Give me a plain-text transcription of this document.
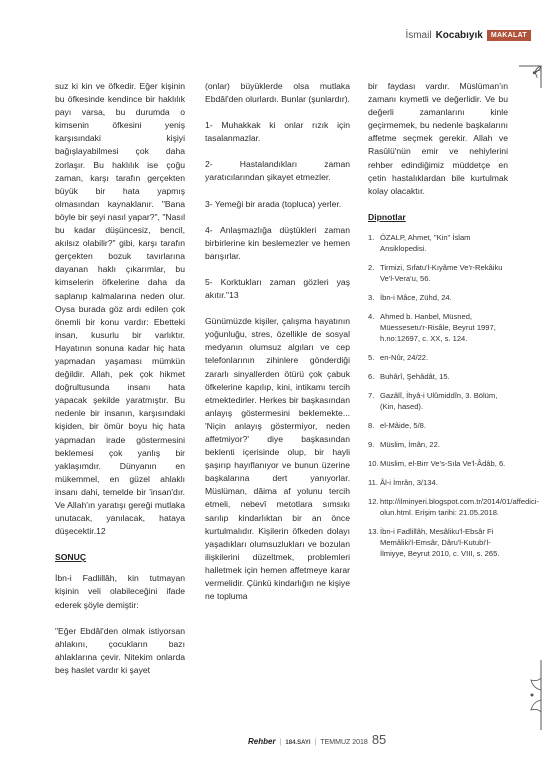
İsmail Kocabıyık	MAKALAT

suz ki kin ve öfkedir. Eğer kişinin bu öfkesinde kendince bir haklılık payı varsa, bu durumda o kimsenin öfkesini yeniş karşısındaki kişiyi bağışlayabilmesi çok daha zorlaşır. Bu haklılık ise çoğu zaman, karşı tarafın gerçekten büyük bir hata yapmış olmasından kaynaklanır. "Bana böyle bir şeyi nasıl yapar?", "Nasıl bu kadar düşüncesiz, bencil, akılsız olabilir?" gibi, karşı tarafın gerçekten bozuk tavırlarına dayanan haklı çıkarımlar, bu kimselerin öfkelerine daha da saplanıp kalmalarına neden olur. Oysa burada göz ardı edilen çok önemli bir konu vardır: Ebetteki insan, kusurlu bir varlıktır. Hayatının sonuna kadar hiç hata yapmadan yaşaması mümkün değildir. Allah, pek çok hikmet doğrultusunda insanı hata yapacak şekilde yaratmıştır. Bu nedenle bir insanın, karşısındaki kişiden, bir ömür boyu hiç hata yapmadan irade göstermesini beklemesi çok yanlış bir yaklaşımdır. Dünyanın en mükemmel, en güzel ahlaklı insanı dahi, temelde bir 'insan'dır. Ve Allah'ın yaratışı gereği mutlaka unutacak, yanılacak, hataya düşecektir.12

SONUÇ

İbn-i Fadlillâh, kin tutmayan kişinin veli olabileceğini ifade ederek şöyle demiştir:

"Eğer Ebdâl'den olmak istiyorsan ahlakını, çocukların bazı ahlaklarına çevir. Nitekim onlarda beş haslet vardır ki şayet

(onlar) büyüklerde olsa mutlaka Ebdâl'den olurlardı. Bunlar (şunlardır).

1- Muhakkak ki onlar rızık için tasalanmazlar.

2- Hastalandıkları zaman yaratıcılarından şikayet etmezler.

3- Yemeği bir arada (topluca) yerler.

4- Anlaşmazlığa düştükleri zaman birbirlerine kin beslemezler ve hemen barışırlar.

5- Korktukları zaman gözleri yaş akıtır."13

Günümüzde kişiler, çalışma hayatının yoğunluğu, stres, özellikle de sosyal medyanın olumsuz algıları ve cep telefonlarının zihinlere gönderdiği zararlı sinyallerden ötürü çok çabuk öfkelerine kapılıp, kini, intikamı tercih etmektedirler. Herkes bir başkasından anlayış göstermesini beklemekte... 'Niçin anlayış göstermiyor, neden affetmiyor?' diye başkasından beklenti içerisinde olup, bir hayli şaşırıp hayıflanıyor ve bunun üzerine başkalarına dert yanıyorlar. Müslüman, dâima af yolunu tercih etmeli, nebevî metotlara sımsıkı sarılıp kindarlıktan bir an önce kurtulmalıdır. Kişilerin öfkeden dolayı yaşadıkları olumsuzlukları ve bozulan ilişkilerini düzeltmek, problemleri halletmek için hemen affetmeye karar vermelidir. Çünkü kindarlığın ne kişiye ne topluma

bir faydası vardır. Müslüman'ın zamanı kıymetli ve değerlidir. Ve bu değerli zamanlarını kinle geçirmemek, bu nedenle başkalarını affetme seçmek gerekir. Allah ve Rasûlü'nün emir ve nehiylerini rehber edindiğimiz müddetçe en çetin hastalıklardan bile kurtulmak kolay olacaktır.

Dipnotlar
1. ÖZALP, Ahmet, "Kin" İslam Ansiklopedisi.
2. Tirmizi, Sıfatu'l-Kıyâme Ve'r-Rekâiku Ve'l-Vera'u, 56.
3. İbn-i Mâce, Zühd, 24.
4. Ahmed b. Hanbel, Müsned, Müessesetu'r-Risâle, Beyrut 1997, h.no:12697, c. XX, s. 124.
5. en-Nûr, 24/22.
6. Buhârî, Şehâdât, 15.
7. Gazâlî, İhyâ-i Ulûmiddîn, 3. Bölüm, (Kin, hased).
8. el-Mâide, 5/8.
9. Müslim, İmân, 22.
10. Müslim, el-Birr Ve's-Sıla Ve'l-Âdâb, 6.
11. Âl-i İmrân, 3/134.
12. http://ilminyeri.blogspot.com.tr/2014/01/affedici-olun.html. Erişim tarihi: 21.05.2018.
13. İbn-i Fadlillâh, Mesâliku'l-Ebsâr Fi Memâliki'l-Emsâr, Dâru'l-Kutubi'l-İlmiyye, Beyrut 2010, c. VIII, s. 265.
Rehber | 184.SAYI | TEMMUZ 2018 85
